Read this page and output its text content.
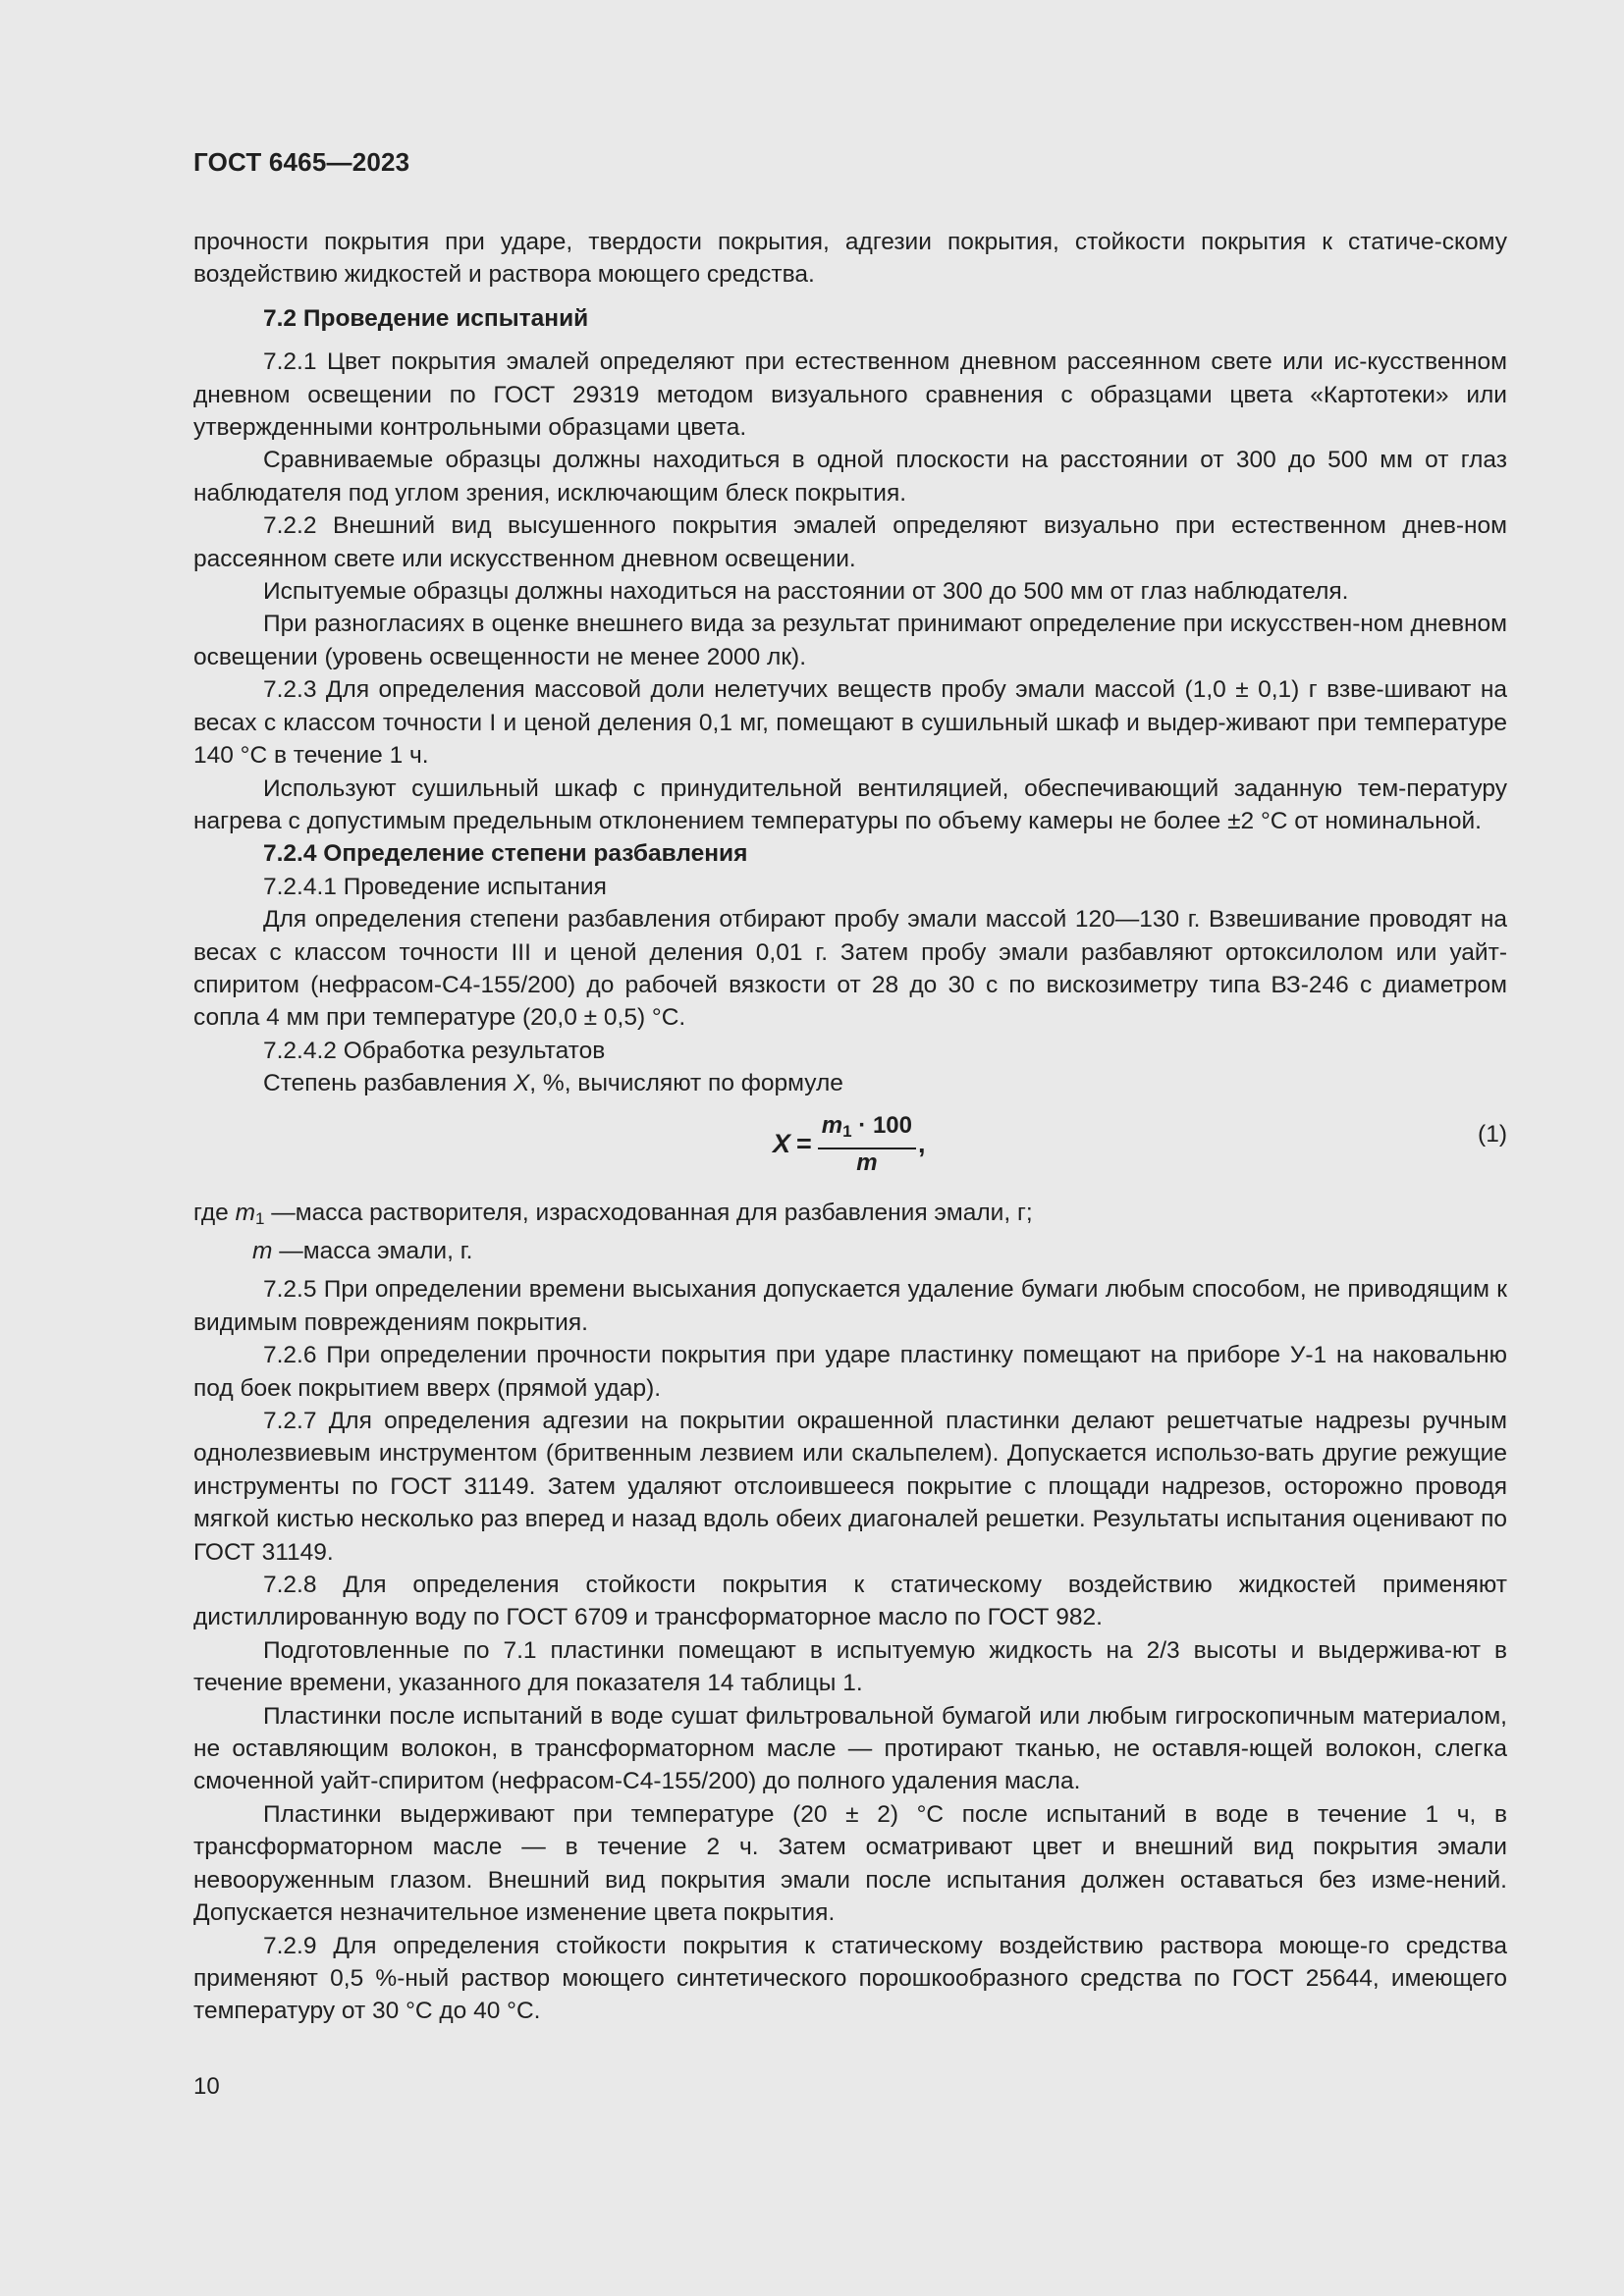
ГОСТ 6465—2023

прочности покрытия при ударе, твердости покрытия, адгезии покрытия, стойкости покрытия к статиче-скому воздействию жидкостей и раствора моющего средства.

7.2 Проведение испытаний

7.2.1 Цвет покрытия эмалей определяют при естественном дневном рассеянном свете или ис-кусственном дневном освещении по ГОСТ 29319 методом визуального сравнения с образцами цвета «Картотеки» или утвержденными контрольными образцами цвета.

Сравниваемые образцы должны находиться в одной плоскости на расстоянии от 300 до 500 мм от глаз наблюдателя под углом зрения, исключающим блеск покрытия.

7.2.2 Внешний вид высушенного покрытия эмалей определяют визуально при естественном днев-ном рассеянном свете или искусственном дневном освещении.

Испытуемые образцы должны находиться на расстоянии от 300 до 500 мм от глаз наблюдателя.

При разногласиях в оценке внешнего вида за результат принимают определение при искусствен-ном дневном освещении (уровень освещенности не менее 2000 лк).

7.2.3 Для определения массовой доли нелетучих веществ пробу эмали массой (1,0 ± 0,1) г взве-шивают на весах с классом точности I и ценой деления 0,1 мг, помещают в сушильный шкаф и выдер-живают при температуре 140 °С в течение 1 ч.

Используют сушильный шкаф с принудительной вентиляцией, обеспечивающий заданную тем-пературу нагрева с допустимым предельным отклонением температуры по объему камеры не более ±2 °С от номинальной.

7.2.4 Определение степени разбавления

7.2.4.1 Проведение испытания

Для определения степени разбавления отбирают пробу эмали массой 120—130 г. Взвешивание проводят на весах с классом точности III и ценой деления 0,01 г. Затем пробу эмали разбавляют ортоксилолом или уайт-спиритом (нефрасом-С4-155/200) до рабочей вязкости от 28 до 30 с по вискозиметру типа ВЗ-246 с диаметром сопла 4 мм при температуре (20,0 ± 0,5) °С.

7.2.4.2 Обработка результатов

Степень разбавления X, %, вычисляют по формуле

$X = \frac{m_1 \cdot 100}{m}$ ,	(1)
где $m_1$ — масса растворителя, израсходованная для разбавления эмали, г;
m — масса эмали, г.

7.2.5 При определении времени высыхания допускается удаление бумаги любым способом, не приводящим к видимым повреждениям покрытия.

7.2.6 При определении прочности покрытия при ударе пластинку помещают на приборе У-1 на наковальню под боек покрытием вверх (прямой удар).

7.2.7 Для определения адгезии на покрытии окрашенной пластинки делают решетчатые надрезы ручным однолезвиевым инструментом (бритвенным лезвием или скальпелем). Допускается использо-вать другие режущие инструменты по ГОСТ 31149. Затем удаляют отслоившееся покрытие с площади надрезов, осторожно проводя мягкой кистью несколько раз вперед и назад вдоль обеих диагоналей решетки. Результаты испытания оценивают по ГОСТ 31149.

7.2.8 Для определения стойкости покрытия к статическому воздействию жидкостей применяют дистиллированную воду по ГОСТ 6709 и трансформаторное масло по ГОСТ 982.

Подготовленные по 7.1 пластинки помещают в испытуемую жидкость на 2/3 высоты и выдержива-ют в течение времени, указанного для показателя 14 таблицы 1.

Пластинки после испытаний в воде сушат фильтровальной бумагой или любым гигроскопичным материалом, не оставляющим волокон, в трансформаторном масле — протирают тканью, не оставля-ющей волокон, слегка смоченной уайт-спиритом (нефрасом-С4-155/200) до полного удаления масла.

Пластинки выдерживают при температуре (20 ± 2) °С после испытаний в воде в течение 1 ч, в трансформаторном масле — в течение 2 ч. Затем осматривают цвет и внешний вид покрытия эмали невооруженным глазом. Внешний вид покрытия эмали после испытания должен оставаться без изме-нений. Допускается незначительное изменение цвета покрытия.

7.2.9 Для определения стойкости покрытия к статическому воздействию раствора моюще-го средства применяют 0,5 %-ный раствор моющего синтетического порошкообразного средства по ГОСТ 25644, имеющего температуру от 30 °С до 40 °С.

10
